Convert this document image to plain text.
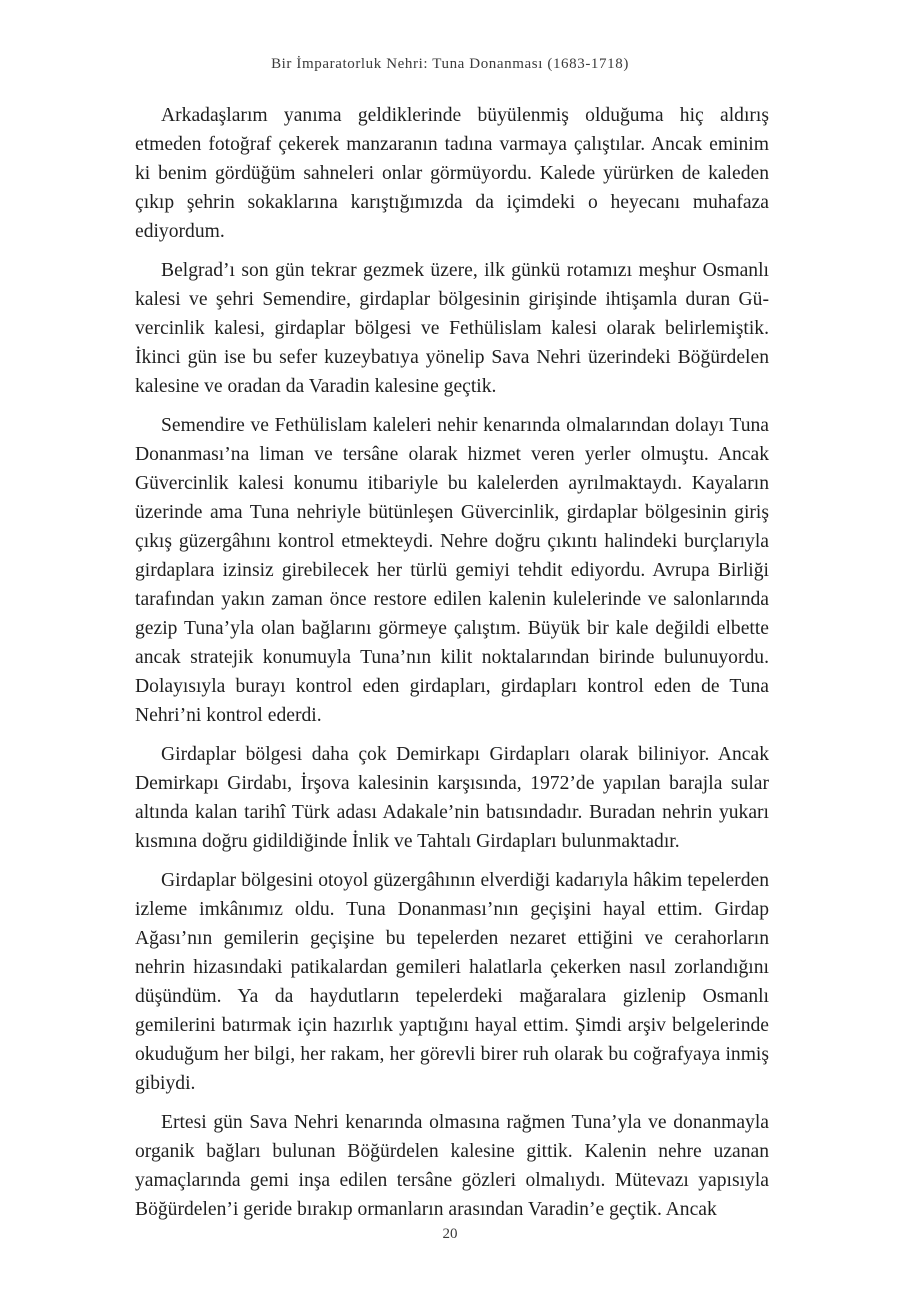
Bir İmparatorluk Nehri: Tuna Donanması (1683-1718)

Arkadaşlarım yanıma geldiklerinde büyülenmiş olduğuma hiç aldırış etmeden fotoğraf çekerek manzaranın tadına varmaya çalıştılar. Ancak eminim ki benim gördüğüm sahneleri onlar görmüyordu. Kalede yürürken de kaleden çıkıp şehrin sokaklarına karıştığımızda da içimdeki o heyecanı muhafaza ediyordum.

Belgrad’ı son gün tekrar gezmek üzere, ilk günkü rotamızı meşhur Osmanlı kalesi ve şehri Semendire, girdaplar bölgesinin girişinde ihtişamla duran Güvercinlik kalesi, girdaplar bölgesi ve Fethülislam kalesi olarak belirlemiştik. İkinci gün ise bu sefer kuzeybatıya yönelip Sava Nehri üzerindeki Böğürdelen kalesine ve oradan da Varadin kalesine geçtik.

Semendire ve Fethülislam kaleleri nehir kenarında olmalarından dolayı Tuna Donanması’na liman ve tersâne olarak hizmet veren yerler olmuştu. Ancak Güvercinlik kalesi konumu itibariyle bu kalelerden ayrılmaktaydı. Kayaların üzerinde ama Tuna nehriyle bütünleşen Güvercinlik, girdaplar bölgesinin giriş çıkış güzergâhını kontrol etmekteydi. Nehre doğru çıkıntı halindeki burçlarıyla girdaplara izinsiz girebilecek her türlü gemiyi tehdit ediyordu. Avrupa Birliği tarafından yakın zaman önce restore edilen kalenin kulelerinde ve salonlarında gezip Tuna’yla olan bağlarını görmeye çalıştım. Büyük bir kale değildi elbette ancak stratejik konumuyla Tuna’nın kilit noktalarından birinde bulunuyordu. Dolayısıyla burayı kontrol eden girdapları, girdapları kontrol eden de Tuna Nehri’ni kontrol ederdi.

Girdaplar bölgesi daha çok Demirkapı Girdapları olarak biliniyor. Ancak Demirkapı Girdabı, İrşova kalesinin karşısında, 1972’de yapılan barajla sular altında kalan tarihî Türk adası Adakale’nin batısındadır. Buradan nehrin yukarı kısmına doğru gidildiğinde İnlik ve Tahtalı Girdapları bulunmaktadır.

Girdaplar bölgesini otoyol güzergâhının elverdiği kadarıyla hâkim tepelerden izleme imkânımız oldu. Tuna Donanması’nın geçişini hayal ettim. Girdap Ağası’nın gemilerin geçişine bu tepelerden nezaret ettiğini ve cerahorların nehrin hizasındaki patikalardan gemileri halatlarla çekerken nasıl zorlandığını düşündüm. Ya da haydutların tepelerdeki mağaralara gizlenip Osmanlı gemilerini batırmak için hazırlık yaptığını hayal ettim. Şimdi arşiv belgelerinde okuduğum her bilgi, her rakam, her görevli birer ruh olarak bu coğrafyaya inmiş gibiydi.

Ertesi gün Sava Nehri kenarında olmasına rağmen Tuna’yla ve donanmayla organik bağları bulunan Böğürdelen kalesine gittik. Kalenin nehre uzanan yamaçlarında gemi inşa edilen tersâne gözleri olmalıydı. Mütevazı yapısıyla Böğürdelen’i geride bırakıp ormanların arasından Varadin’e geçtik. Ancak

20
